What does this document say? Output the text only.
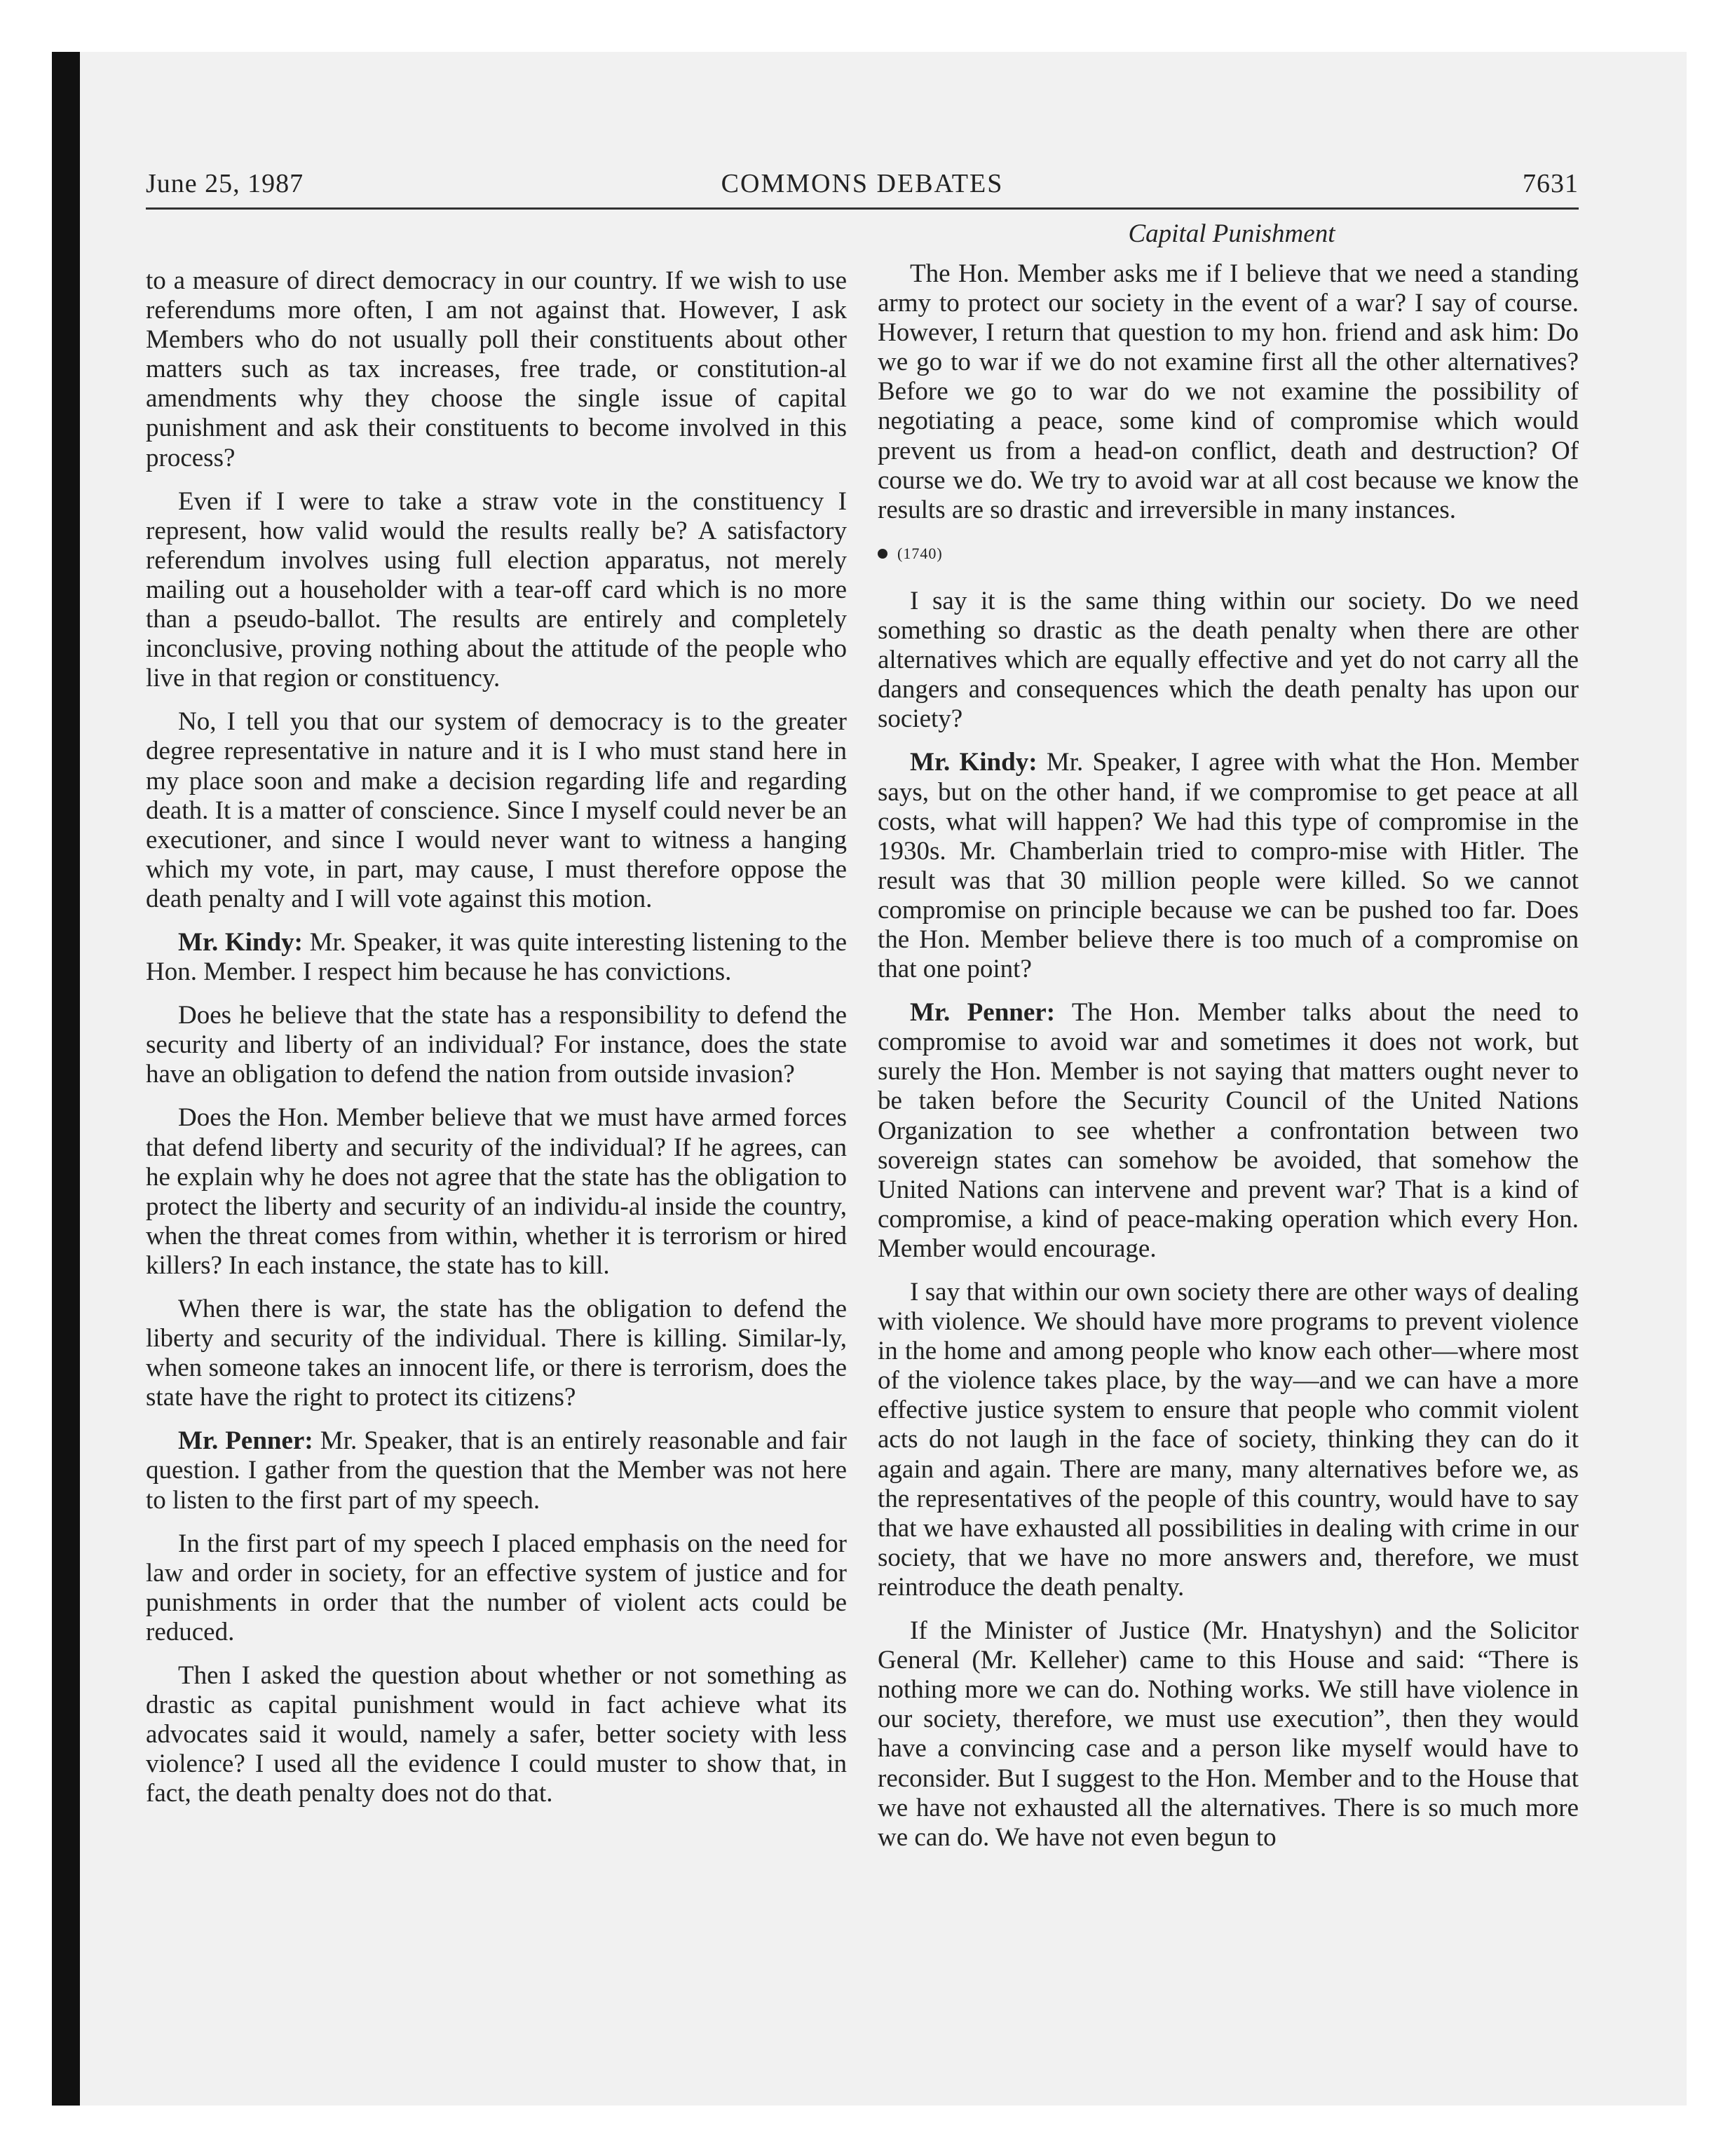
June 25, 1987	COMMONS DEBATES	7631
Capital Punishment

to a measure of direct democracy in our country. If we wish to use referendums more often, I am not against that. However, I ask Members who do not usually poll their constituents about other matters such as tax increases, free trade, or constitution-al amendments why they choose the single issue of capital punishment and ask their constituents to become involved in this process?

Even if I were to take a straw vote in the constituency I represent, how valid would the results really be? A satisfactory referendum involves using full election apparatus, not merely mailing out a householder with a tear-off card which is no more than a pseudo-ballot. The results are entirely and completely inconclusive, proving nothing about the attitude of the people who live in that region or constituency.

No, I tell you that our system of democracy is to the greater degree representative in nature and it is I who must stand here in my place soon and make a decision regarding life and regarding death. It is a matter of conscience. Since I myself could never be an executioner, and since I would never want to witness a hanging which my vote, in part, may cause, I must therefore oppose the death penalty and I will vote against this motion.

Mr. Kindy: Mr. Speaker, it was quite interesting listening to the Hon. Member. I respect him because he has convictions.

Does he believe that the state has a responsibility to defend the security and liberty of an individual? For instance, does the state have an obligation to defend the nation from outside invasion?

Does the Hon. Member believe that we must have armed forces that defend liberty and security of the individual? If he agrees, can he explain why he does not agree that the state has the obligation to protect the liberty and security of an individu-al inside the country, when the threat comes from within, whether it is terrorism or hired killers? In each instance, the state has to kill.

When there is war, the state has the obligation to defend the liberty and security of the individual. There is killing. Similar-ly, when someone takes an innocent life, or there is terrorism, does the state have the right to protect its citizens?

Mr. Penner: Mr. Speaker, that is an entirely reasonable and fair question. I gather from the question that the Member was not here to listen to the first part of my speech.

In the first part of my speech I placed emphasis on the need for law and order in society, for an effective system of justice and for punishments in order that the number of violent acts could be reduced.

Then I asked the question about whether or not something as drastic as capital punishment would in fact achieve what its advocates said it would, namely a safer, better society with less violence? I used all the evidence I could muster to show that, in fact, the death penalty does not do that.

The Hon. Member asks me if I believe that we need a standing army to protect our society in the event of a war? I say of course. However, I return that question to my hon. friend and ask him: Do we go to war if we do not examine first all the other alternatives? Before we go to war do we not examine the possibility of negotiating a peace, some kind of compromise which would prevent us from a head-on conflict, death and destruction? Of course we do. We try to avoid war at all cost because we know the results are so drastic and irreversible in many instances.

(1740)

I say it is the same thing within our society. Do we need something so drastic as the death penalty when there are other alternatives which are equally effective and yet do not carry all the dangers and consequences which the death penalty has upon our society?

Mr. Kindy: Mr. Speaker, I agree with what the Hon. Member says, but on the other hand, if we compromise to get peace at all costs, what will happen? We had this type of compromise in the 1930s. Mr. Chamberlain tried to compro-mise with Hitler. The result was that 30 million people were killed. So we cannot compromise on principle because we can be pushed too far. Does the Hon. Member believe there is too much of a compromise on that one point?

Mr. Penner: The Hon. Member talks about the need to compromise to avoid war and sometimes it does not work, but surely the Hon. Member is not saying that matters ought never to be taken before the Security Council of the United Nations Organization to see whether a confrontation between two sovereign states can somehow be avoided, that somehow the United Nations can intervene and prevent war? That is a kind of compromise, a kind of peace-making operation which every Hon. Member would encourage.

I say that within our own society there are other ways of dealing with violence. We should have more programs to prevent violence in the home and among people who know each other—where most of the violence takes place, by the way—and we can have a more effective justice system to ensure that people who commit violent acts do not laugh in the face of society, thinking they can do it again and again. There are many, many alternatives before we, as the representatives of the people of this country, would have to say that we have exhausted all possibilities in dealing with crime in our society, that we have no more answers and, therefore, we must reintroduce the death penalty.

If the Minister of Justice (Mr. Hnatyshyn) and the Solicitor General (Mr. Kelleher) came to this House and said: “There is nothing more we can do. Nothing works. We still have violence in our society, therefore, we must use execution”, then they would have a convincing case and a person like myself would have to reconsider. But I suggest to the Hon. Member and to the House that we have not exhausted all the alternatives. There is so much more we can do. We have not even begun to
